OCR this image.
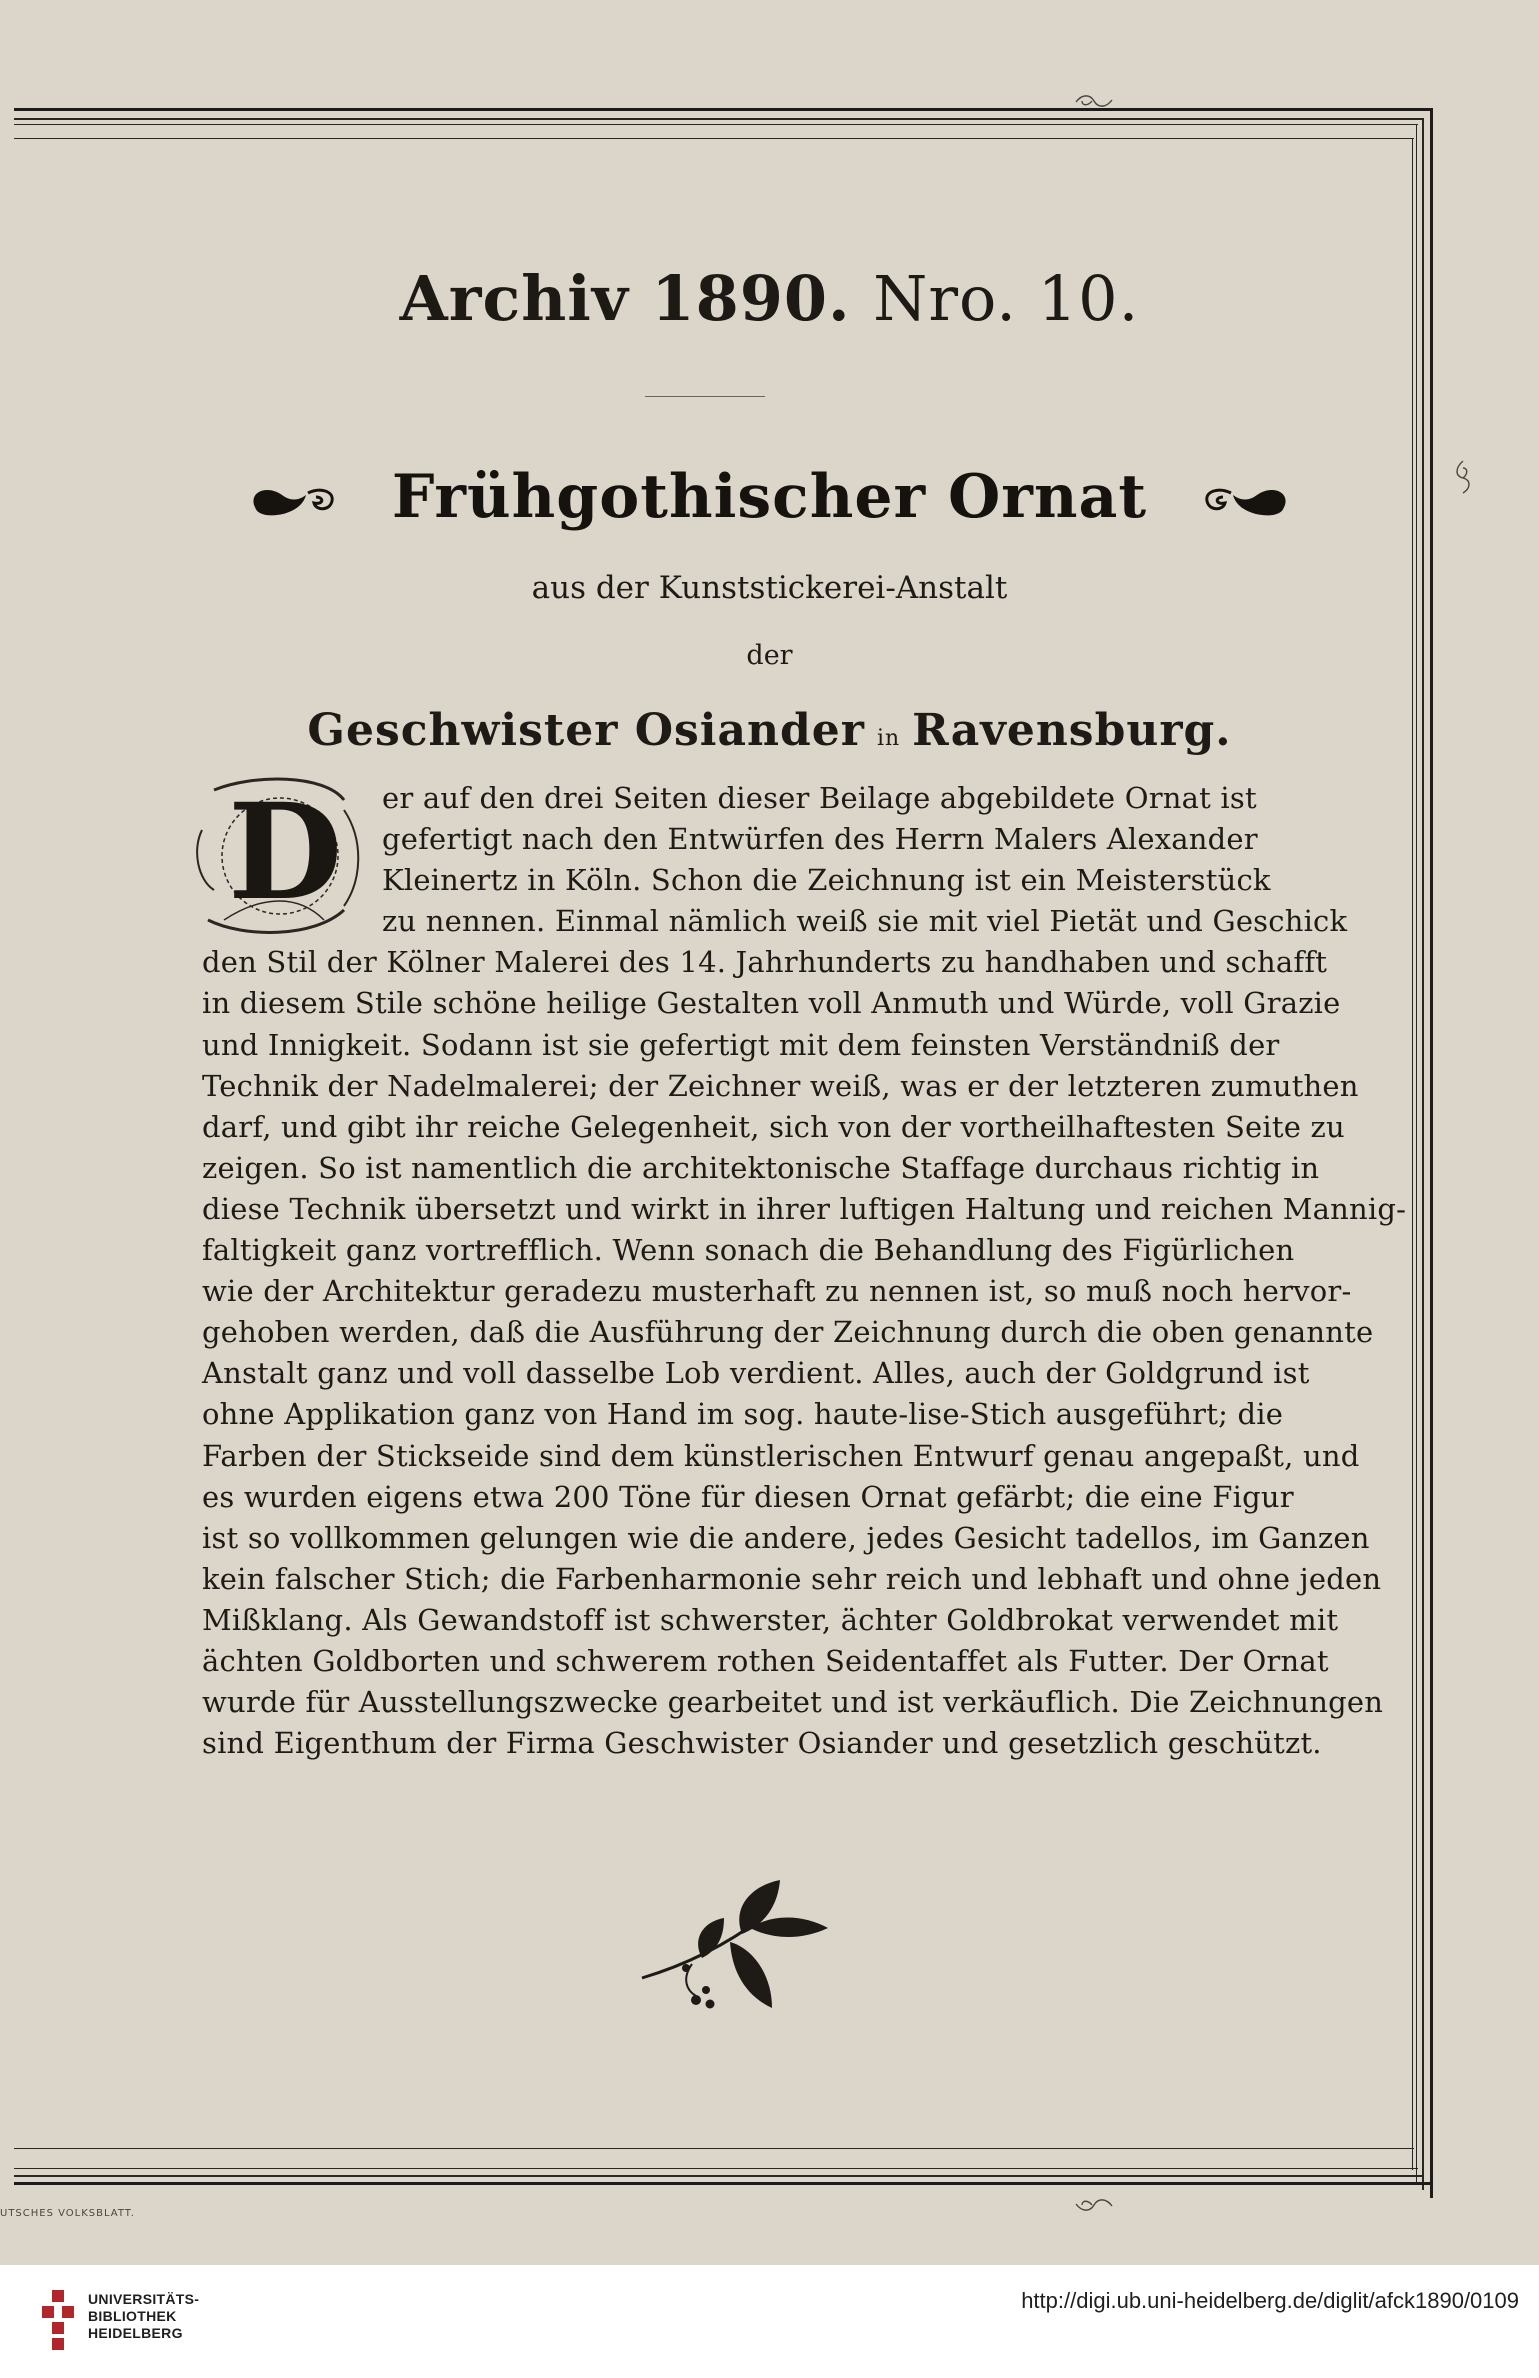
Archiv 1890. Nro. 10.
Frühgothischer Ornat
aus der Kunststickerei-Anstalt
der
Geschwister Osiander in Ravensburg.
D	er auf den drei Seiten dieser Beilage abgebildete Ornat ist
gefertigt nach den Entwürfen des Herrn Malers Alexander
Kleinertz in Köln. Schon die Zeichnung ist ein Meisterstück
zu nennen. Einmal nämlich weiß sie mit viel Pietät und Geschick
den Stil der Kölner Malerei des 14. Jahrhunderts zu handhaben und schafft
in diesem Stile schöne heilige Gestalten voll Anmuth und Würde, voll Grazie
und Innigkeit. Sodann ist sie gefertigt mit dem feinsten Verständniß der
Technik der Nadelmalerei; der Zeichner weiß, was er der letzteren zumuthen
darf, und gibt ihr reiche Gelegenheit, sich von der vortheilhaftesten Seite zu
zeigen. So ist namentlich die architektonische Staffage durchaus richtig in
diese Technik übersetzt und wirkt in ihrer luftigen Haltung und reichen Mannig-
faltigkeit ganz vortrefflich. Wenn sonach die Behandlung des Figürlichen
wie der Architektur geradezu musterhaft zu nennen ist, so muß noch hervor-
gehoben werden, daß die Ausführung der Zeichnung durch die oben genannte
Anstalt ganz und voll dasselbe Lob verdient. Alles, auch der Goldgrund ist
ohne Applikation ganz von Hand im sog. haute-lise-Stich ausgeführt; die
Farben der Stickseide sind dem künstlerischen Entwurf genau angepaßt, und
es wurden eigens etwa 200 Töne für diesen Ornat gefärbt; die eine Figur
ist so vollkommen gelungen wie die andere, jedes Gesicht tadellos, im Ganzen
kein falscher Stich; die Farbenharmonie sehr reich und lebhaft und ohne jeden
Mißklang. Als Gewandstoff ist schwerster, ächter Goldbrokat verwendet mit
ächten Goldborten und schwerem rothen Seidentaffet als Futter. Der Ornat
wurde für Ausstellungszwecke gearbeitet und ist verkäuflich. Die Zeichnungen
sind Eigenthum der Firma Geschwister Osiander und gesetzlich geschützt.
UTSCHES VOLKSBLATT.
UNIVERSITÄTS-
BIBLIOTHEK
HEIDELBERG
http://digi.ub.uni-heidelberg.de/diglit/afck1890/0109
